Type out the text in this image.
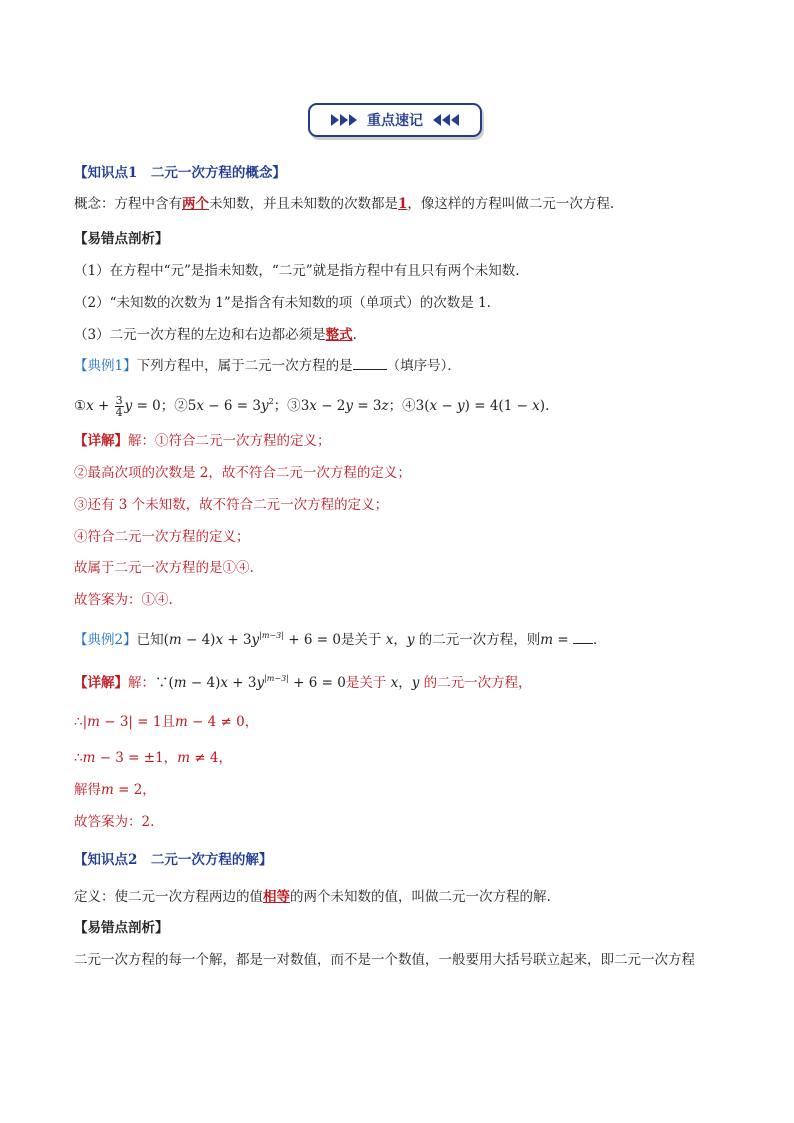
重点速记
【知识点1　二元一次方程的概念】
概念：方程中含有两个未知数，并且未知数的次数都是1，像这样的方程叫做二元一次方程.
【易错点剖析】
（1）在方程中“元”是指未知数，“二元”就是指方程中有且只有两个未知数.
（2）“未知数的次数为 1”是指含有未知数的项（单项式）的次数是 1.
（3）二元一次方程的左边和右边都必须是整式.
【典例1】下列方程中，属于二元一次方程的是	（填序号）．
①x + $\frac{3}{4}$ y = 0；②5x − $6 = 3y^2$；③3x − 2y = 3z；④3(x − y) = 4(1 − x).
【详解】解：①符合二元一次方程的定义；
②最高次项的次数是 2，故不符合二元一次方程的定义；
③还有 3 个未知数，故不符合二元一次方程的定义；
④符合二元一次方程的定义；
故属于二元一次方程的是①④.
故答案为：①④.
【典例2】已知$(m - 4)x + 3y^{|m-3|} + 6 = 0$是关于 x，y 的二元一次方程，则m = ．
【详解】解：∵(m − $4)x + 3y^{|m-3|} + 6 = 0$是关于 x，y 的二元一次方程，
∴|m − 3| = 1且m − 4 ≠ 0，
∴m − 3 = ±1，m ≠ 4，
解得m = 2，
故答案为：2.
【知识点2　二元一次方程的解】
定义：使二元一次方程两边的值相等的两个未知数的值，叫做二元一次方程的解.
【易错点剖析】
二元一次方程的每一个解，都是一对数值，而不是一个数值，一般要用大括号联立起来，即二元一次方程
